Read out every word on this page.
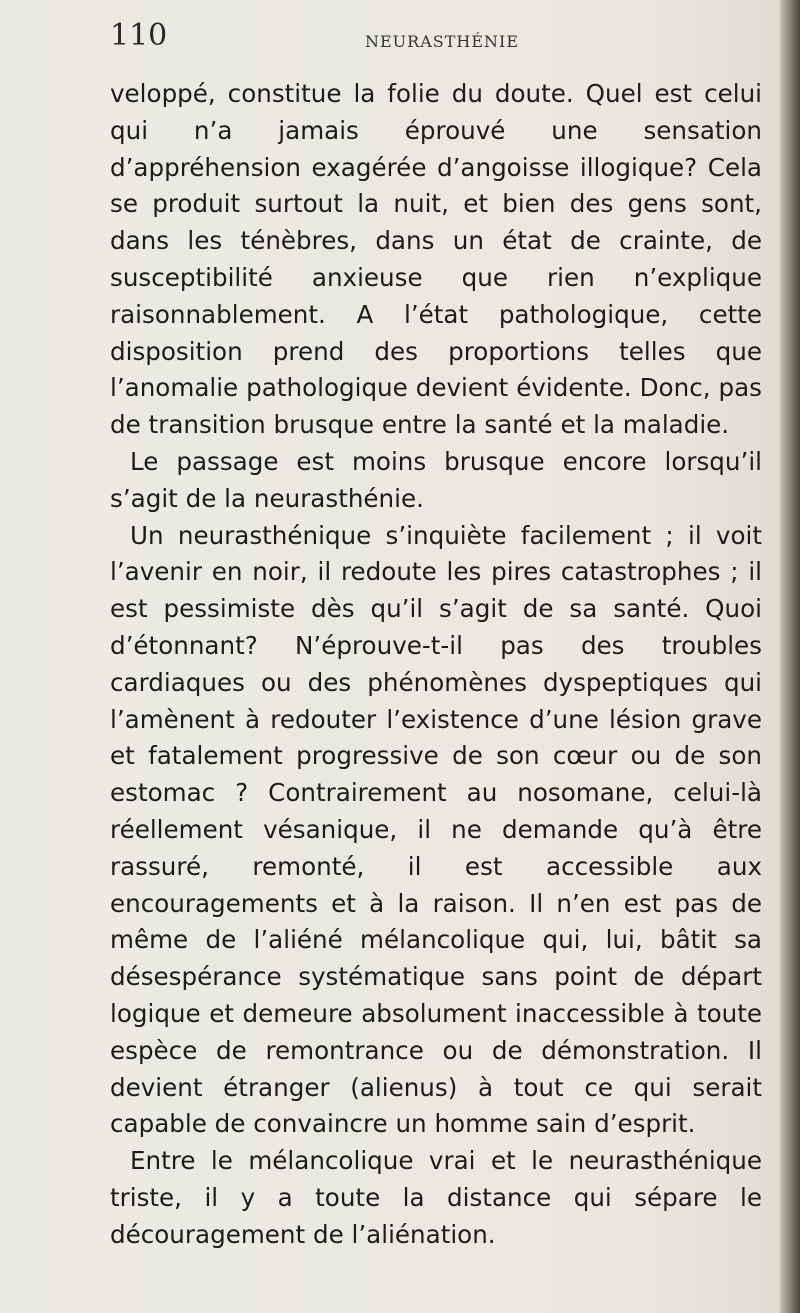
110	NEURASTHÉNIE

veloppé, constitue la folie du doute. Quel est celui qui n’a jamais éprouvé une sensation d’appréhension exagérée d’angoisse illogique? Cela se produit surtout la nuit, et bien des gens sont, dans les ténèbres, dans un état de crainte, de susceptibilité anxieuse que rien n’explique raisonnablement. A l’état pathologique, cette disposition prend des proportions telles que l’anomalie pathologique devient évidente. Donc, pas de transition brusque entre la santé et la maladie.

Le passage est moins brusque encore lorsqu’il s’agit de la neurasthénie.

Un neurasthénique s’inquiète facilement ; il voit l’avenir en noir, il redoute les pires catastrophes ; il est pessimiste dès qu’il s’agit de sa santé. Quoi d’étonnant? N’éprouve-t-il pas des troubles cardiaques ou des phénomènes dyspeptiques qui l’amènent à redouter l’existence d’une lésion grave et fatalement progressive de son cœur ou de son estomac ? Contrairement au nosomane, celui-là réellement vésanique, il ne demande qu’à être rassuré, remonté, il est accessible aux encouragements et à la raison. Il n’en est pas de même de l’aliéné mélancolique qui, lui, bâtit sa désespérance systématique sans point de départ logique et demeure absolument inaccessible à toute espèce de remontrance ou de démonstration. Il devient étranger (alienus) à tout ce qui serait capable de convaincre un homme sain d’esprit.

Entre le mélancolique vrai et le neurasthénique triste, il y a toute la distance qui sépare le découragement de l’aliénation.
